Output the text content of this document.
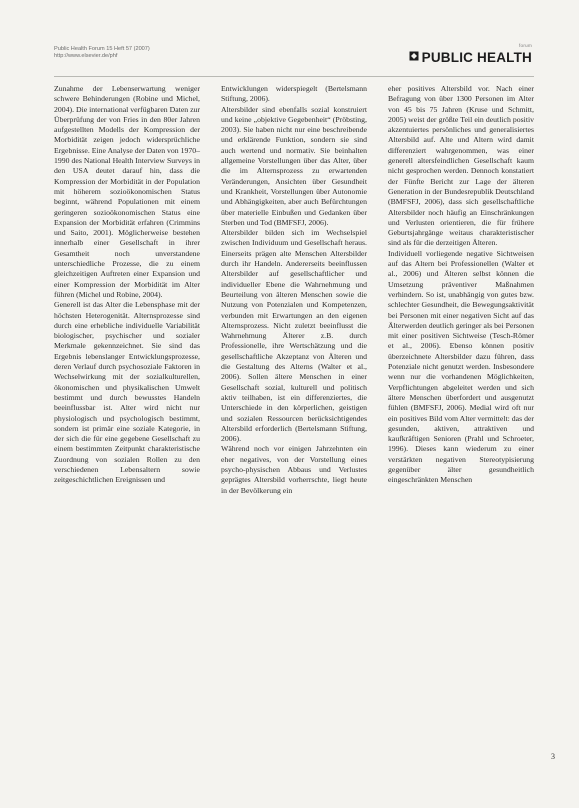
Public Health Forum 15 Heft 57 (2007)
http://www.elsevier.de/phf
forum
PUBLIC HEALTH

Zunahme der Lebenserwartung weniger schwere Behinderungen (Robine und Michel, 2004). Die international verfügbaren Daten zur Überprüfung der von Fries in den 80er Jahren aufgestellten Modells der Kompression der Morbidität zeigen jedoch widersprüchliche Ergebnisse. Eine Analyse der Daten von 1970–1990 des National Health Interview Surveys in den USA deutet darauf hin, dass die Kompression der Morbidität in der Population mit höherem sozioökonomischen Status beginnt, während Populationen mit einem geringeren sozioökonomischen Status eine Expansion der Morbidität erfahren (Crimmins und Saito, 2001). Möglicherweise bestehen innerhalb einer Gesellschaft in ihrer Gesamtheit noch unverstandene unterschiedliche Prozesse, die zu einem gleichzeitigen Auftreten einer Expansion und einer Kompression der Morbidität im Alter führen (Michel und Robine, 2004).

Generell ist das Alter die Lebensphase mit der höchsten Heterogenität. Alternsprozesse sind durch eine erhebliche individuelle Variabilität biologischer, psychischer und sozialer Merkmale gekennzeichnet. Sie sind das Ergebnis lebenslanger Entwicklungsprozesse, deren Verlauf durch psychosoziale Faktoren in Wechselwirkung mit der sozialkulturellen, ökonomischen und physikalischen Umwelt bestimmt und durch bewusstes Handeln beeinflussbar ist. Alter wird nicht nur physiologisch und psychologisch bestimmt, sondern ist primär eine soziale Kategorie, in der sich die für eine gegebene Gesellschaft zu einem bestimmten Zeitpunkt charakteristische Zuordnung von sozialen Rollen zu den verschiedenen Lebensaltern sowie zeitgeschichtlichen Ereignissen und

Entwicklungen widerspiegelt (Bertelsmann Stiftung, 2006).

Altersbilder sind ebenfalls sozial konstruiert und keine „objektive Gegebenheit“ (Pröbsting, 2003). Sie haben nicht nur eine beschreibende und erklärende Funktion, sondern sie sind auch wertend und normativ. Sie beinhalten allgemeine Vorstellungen über das Alter, über die im Alternsprozess zu erwartenden Veränderungen, Ansichten über Gesundheit und Krankheit, Vorstellungen über Autonomie und Abhängigkeiten, aber auch Befürchtungen über materielle Einbußen und Gedanken über Sterben und Tod (BMFSFJ, 2006).

Altersbilder bilden sich im Wechselspiel zwischen Individuum und Gesellschaft heraus. Einerseits prägen alte Menschen Altersbilder durch ihr Handeln. Andererseits beeinflussen Altersbilder auf gesellschaftlicher und individueller Ebene die Wahrnehmung und Beurteilung von älteren Menschen sowie die Nutzung von Potenzialen und Kompetenzen, verbunden mit Erwartungen an den eigenen Alternsprozess. Nicht zuletzt beeinflusst die Wahrnehmung Älterer z.B. durch Professionelle, ihre Wertschätzung und die gesellschaftliche Akzeptanz von Älteren und die Gestaltung des Alterns (Walter et al., 2006). Sollen ältere Menschen in einer Gesellschaft sozial, kulturell und politisch aktiv teilhaben, ist ein differenziertes, die Unterschiede in den körperlichen, geistigen und sozialen Ressourcen berücksichtigendes Altersbild erforderlich (Bertelsmann Stiftung, 2006).

Während noch vor einigen Jahrzehnten ein eher negatives, von der Vorstellung eines psycho-physischen Abbaus und Verlustes geprägtes Altersbild vorherrschte, liegt heute in der Bevölkerung ein

eher positives Altersbild vor. Nach einer Befragung von über 1300 Personen im Alter von 45 bis 75 Jahren (Kruse und Schmitt, 2005) weist der größte Teil ein deutlich positiv akzentuiertes persönliches und generalisiertes Altersbild auf. Alte und Altern wird damit differenziert wahrgenommen, was einer generell altersfeindlichen Gesellschaft kaum nicht gesprochen werden. Dennoch konstatiert der Fünfte Bericht zur Lage der älteren Generation in der Bundesrepublik Deutschland (BMFSFJ, 2006), dass sich gesellschaftliche Altersbilder noch häufig an Einschränkungen und Verlusten orientieren, die für frühere Geburtsjahrgänge weitaus charakteristischer sind als für die derzeitigen Älteren.

Individuell vorliegende negative Sichtweisen auf das Altern bei Professionellen (Walter et al., 2006) und Älteren selbst können die Umsetzung präventiver Maßnahmen verhindern. So ist, unabhängig von gutes bzw. schlechter Gesundheit, die Bewegungsaktivität bei Personen mit einer negativen Sicht auf das Älterwerden deutlich geringer als bei Personen mit einer positiven Sichtweise (Tesch-Römer et al., 2006). Ebenso können positiv überzeichnete Altersbilder dazu führen, dass Potenziale nicht genutzt werden. Insbesondere wenn nur die vorhandenen Möglichkeiten, Verpflichtungen abgeleitet werden und sich ältere Menschen überfordert und ausgenutzt fühlen (BMFSFJ, 2006). Medial wird oft nur ein positives Bild vom Alter vermittelt: das der gesunden, aktiven, attraktiven und kaufkräftigen Senioren (Prahl und Schroeter, 1996). Dieses kann wiederum zu einer verstärkten negativen Stereotypisierung gegenüber älter gesundheitlich eingeschränkten Menschen

3
